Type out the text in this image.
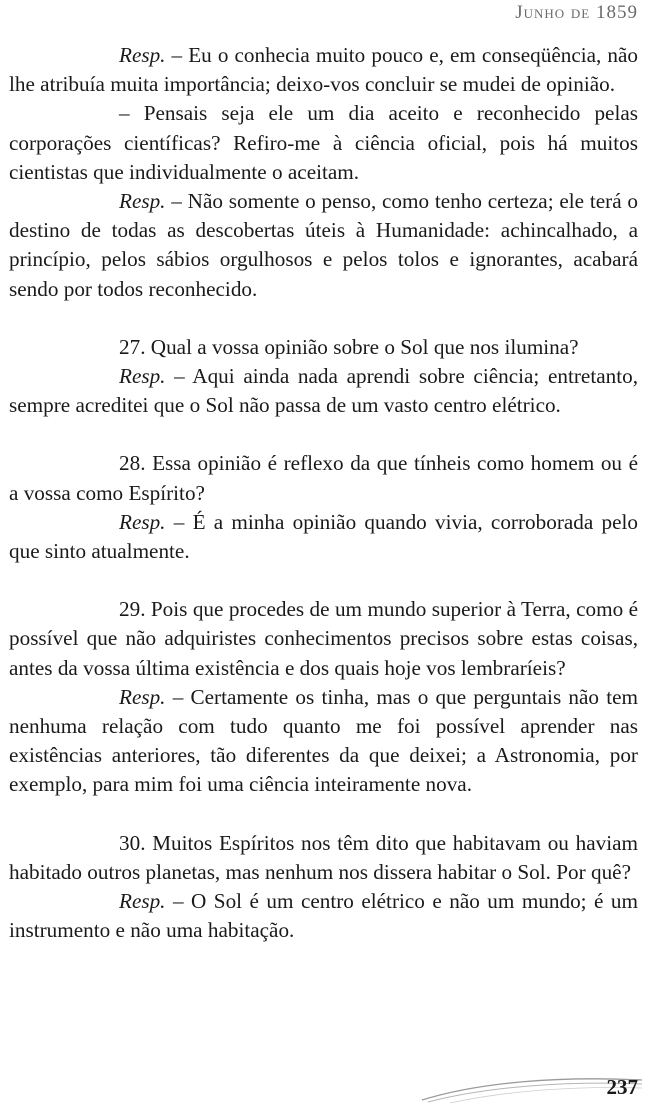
Junho de 1859

Resp. – Eu o conhecia muito pouco e, em conseqüência, não lhe atribuía muita importância; deixo-vos concluir se mudei de opinião.

– Pensais seja ele um dia aceito e reconhecido pelas corporações científicas? Refiro-me à ciência oficial, pois há muitos cientistas que individualmente o aceitam.

Resp. – Não somente o penso, como tenho certeza; ele terá o destino de todas as descobertas úteis à Humanidade: achincalhado, a princípio, pelos sábios orgulhosos e pelos tolos e ignorantes, acabará sendo por todos reconhecido.

27. Qual a vossa opinião sobre o Sol que nos ilumina?

Resp. – Aqui ainda nada aprendi sobre ciência; entretanto, sempre acreditei que o Sol não passa de um vasto centro elétrico.

28. Essa opinião é reflexo da que tínheis como homem ou é a vossa como Espírito?

Resp. – É a minha opinião quando vivia, corroborada pelo que sinto atualmente.

29. Pois que procedes de um mundo superior à Terra, como é possível que não adquiristes conhecimentos precisos sobre estas coisas, antes da vossa última existência e dos quais hoje vos lembraríeis?

Resp. – Certamente os tinha, mas o que perguntais não tem nenhuma relação com tudo quanto me foi possível aprender nas existências anteriores, tão diferentes da que deixei; a Astronomia, por exemplo, para mim foi uma ciência inteiramente nova.

30. Muitos Espíritos nos têm dito que habitavam ou haviam habitado outros planetas, mas nenhum nos dissera habitar o Sol. Por quê?

Resp. – O Sol é um centro elétrico e não um mundo; é um instrumento e não uma habitação.

237
